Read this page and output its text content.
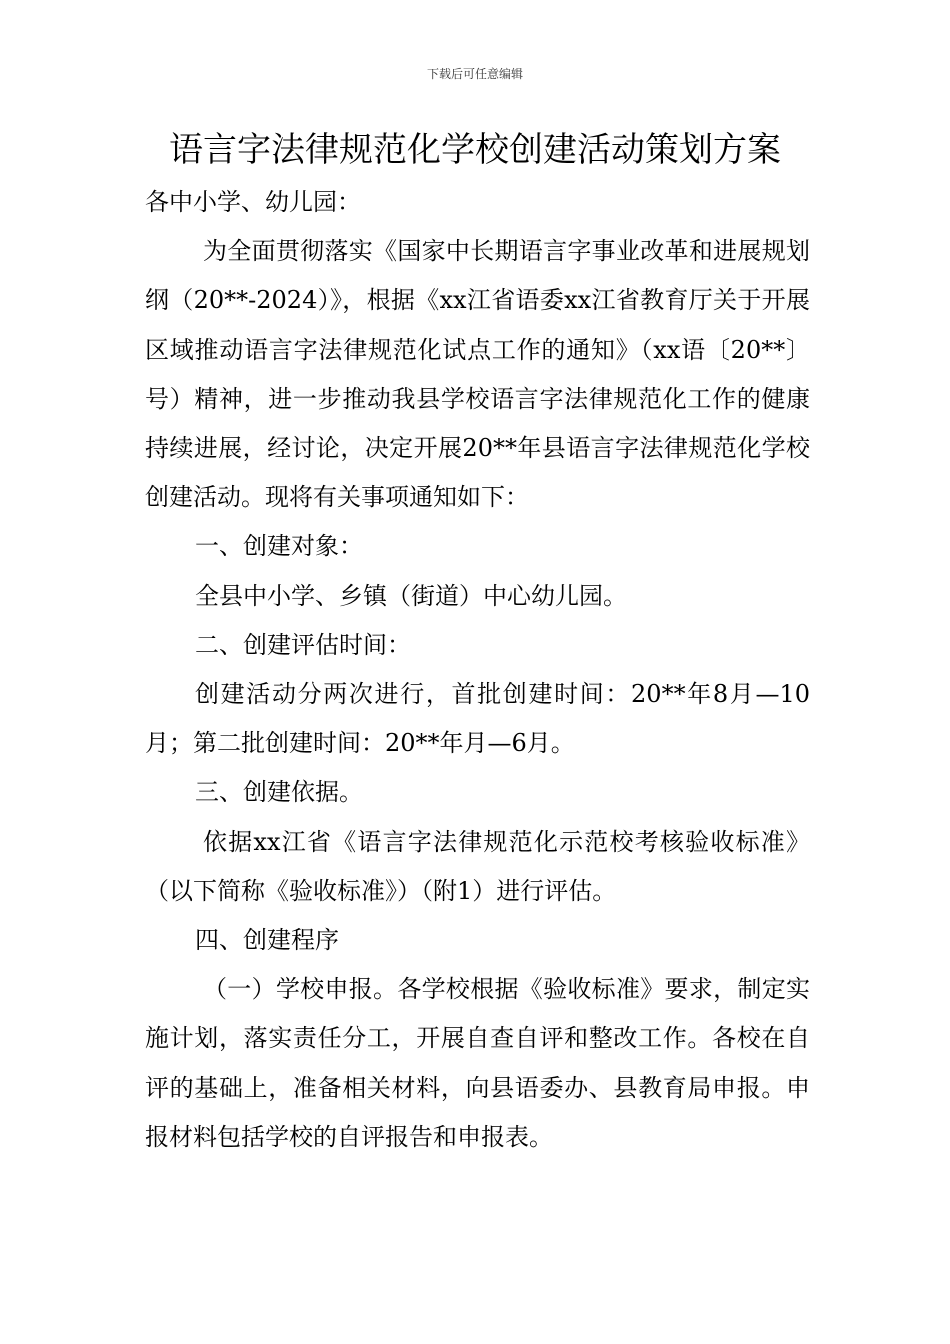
下载后可任意编辑
语言字法律规范化学校创建活动策划方案

各中小学、幼儿园：

为全面贯彻落实《国家中长期语言字事业改革和进展规划纲（20**-2024）》，根据《xx江省语委xx江省教育厅关于开展区域推动语言字法律规范化试点工作的通知》（xx语〔20**〕号）精神，进一步推动我县学校语言字法律规范化工作的健康持续进展，经讨论，决定开展20**年县语言字法律规范化学校创建活动。现将有关事项通知如下：

一、创建对象：

全县中小学、乡镇（街道）中心幼儿园。

二、创建评估时间：

创建活动分两次进行，首批创建时间：20**年8月—10月；第二批创建时间：20**年月—6月。

三、创建依据。

依据xx江省《语言字法律规范化示范校考核验收标准》（以下简称《验收标准》）（附1）进行评估。

四、创建程序

（一）学校申报。各学校根据《验收标准》要求，制定实施计划，落实责任分工，开展自查自评和整改工作。各校在自评的基础上，准备相关材料，向县语委办、县教育局申报。申报材料包括学校的自评报告和申报表。
